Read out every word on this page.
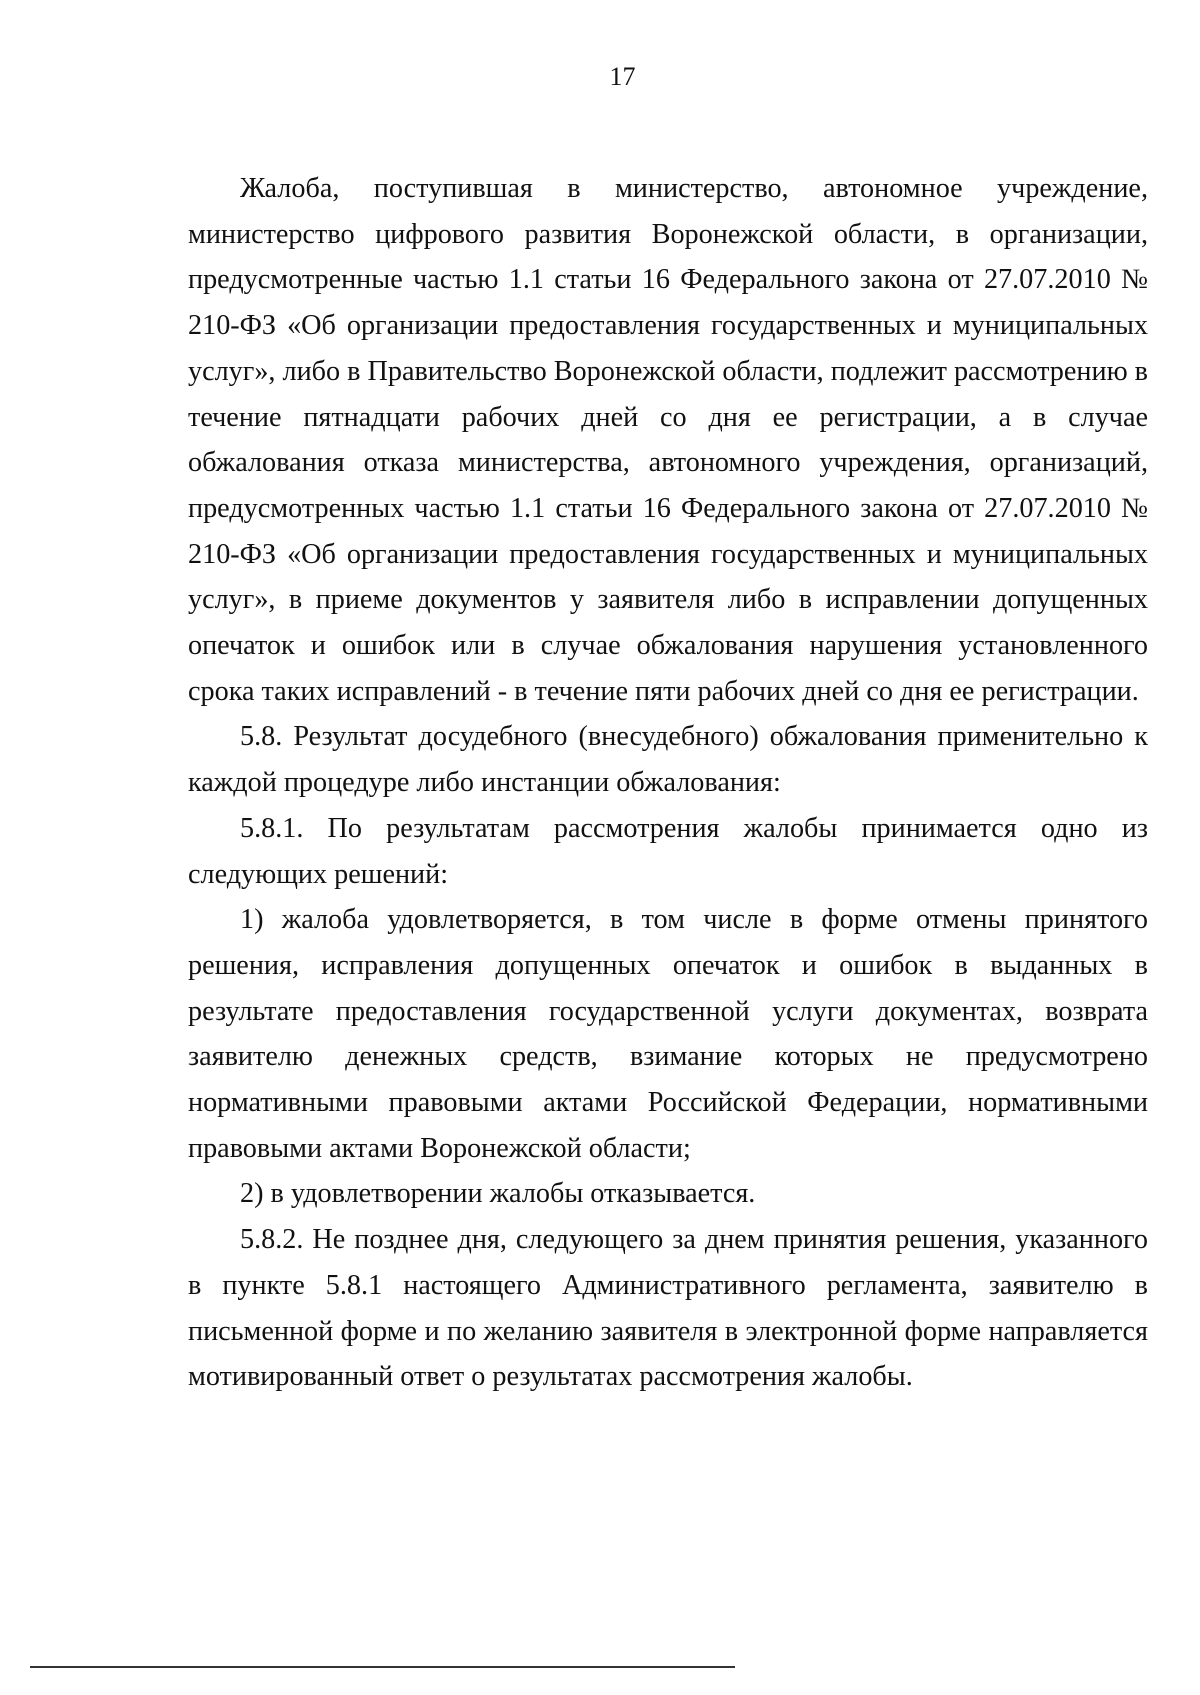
17

Жалоба, поступившая в министерство, автономное учреждение, министерство цифрового развития Воронежской области, в организации, предусмотренные частью 1.1 статьи 16 Федерального закона от 27.07.2010 № 210-ФЗ «Об организации предоставления государственных и муниципальных услуг», либо в Правительство Воронежской области, подлежит рассмотрению в течение пятнадцати рабочих дней со дня ее регистрации, а в случае обжалования отказа министерства, автономного учреждения, организаций, предусмотренных частью 1.1 статьи 16 Федерального закона от 27.07.2010 № 210-ФЗ «Об организации предоставления государственных и муниципальных услуг», в приеме документов у заявителя либо в исправлении допущенных опечаток и ошибок или в случае обжалования нарушения установленного срока таких исправлений - в течение пяти рабочих дней со дня ее регистрации.

5.8. Результат досудебного (внесудебного) обжалования применительно к каждой процедуре либо инстанции обжалования:

5.8.1. По результатам рассмотрения жалобы принимается одно из следующих решений:

1) жалоба удовлетворяется, в том числе в форме отмены принятого решения, исправления допущенных опечаток и ошибок в выданных в результате предоставления государственной услуги документах, возврата заявителю денежных средств, взимание которых не предусмотрено нормативными правовыми актами Российской Федерации, нормативными правовыми актами Воронежской области;

2) в удовлетворении жалобы отказывается.

5.8.2. Не позднее дня, следующего за днем принятия решения, указанного в пункте 5.8.1 настоящего Административного регламента, заявителю в письменной форме и по желанию заявителя в электронной форме направляется мотивированный ответ о результатах рассмотрения жалобы.
